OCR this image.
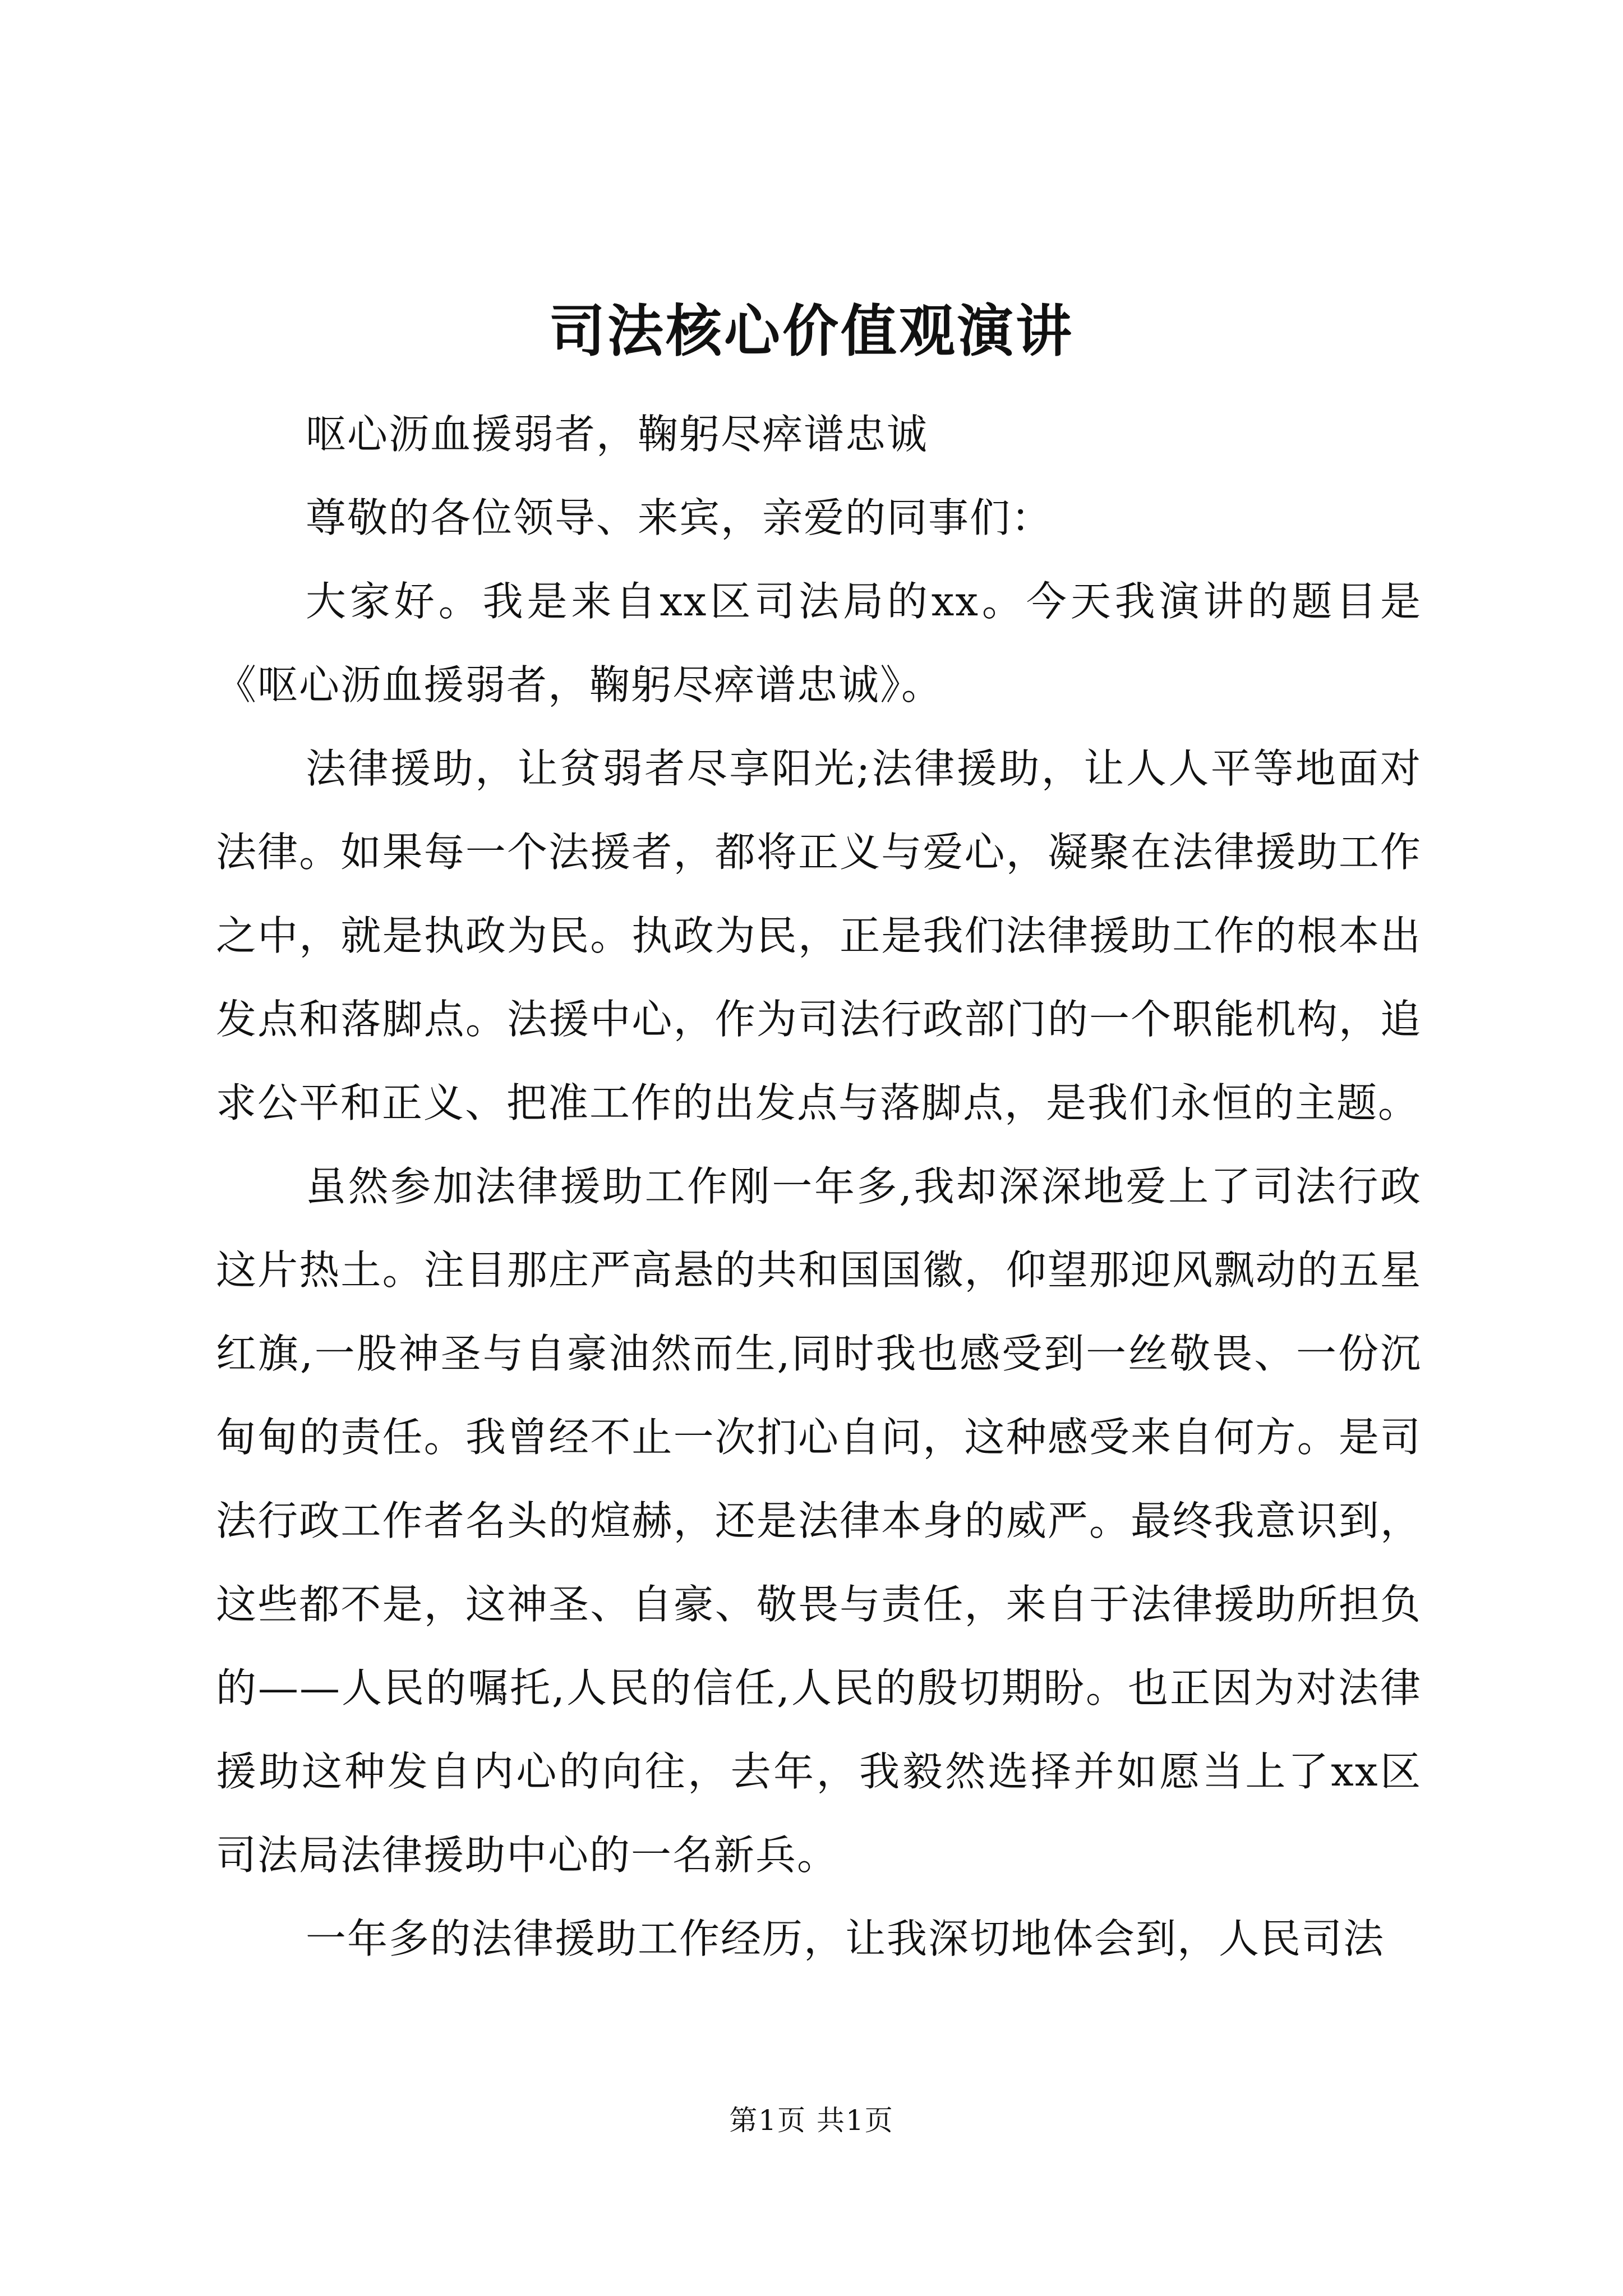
司法核心价值观演讲

呕心沥血援弱者，鞠躬尽瘁谱忠诚

尊敬的各位领导、来宾，亲爱的同事们：

大家好。我是来自xx区司法局的xx。今天我演讲的题目是《呕心沥血援弱者，鞠躬尽瘁谱忠诚》。

法律援助，让贫弱者尽享阳光;法律援助，让人人平等地面对法律。如果每一个法援者，都将正义与爱心，凝聚在法律援助工作之中，就是执政为民。执政为民，正是我们法律援助工作的根本出发点和落脚点。法援中心，作为司法行政部门的一个职能机构，追求公平和正义、把准工作的出发点与落脚点，是我们永恒的主题。

虽然参加法律援助工作刚一年多,我却深深地爱上了司法行政这片热土。注目那庄严高悬的共和国国徽，仰望那迎风飘动的五星红旗,一股神圣与自豪油然而生,同时我也感受到一丝敬畏、一份沉甸甸的责任。我曾经不止一次扪心自问，这种感受来自何方。是司法行政工作者名头的煊赫，还是法律本身的威严。最终我意识到，这些都不是，这神圣、自豪、敬畏与责任，来自于法律援助所担负的——人民的嘱托,人民的信任,人民的殷切期盼。也正因为对法律援助这种发自内心的向往，去年，我毅然选择并如愿当上了xx区司法局法律援助中心的一名新兵。

一年多的法律援助工作经历，让我深切地体会到，人民司法

第1页 共1页
